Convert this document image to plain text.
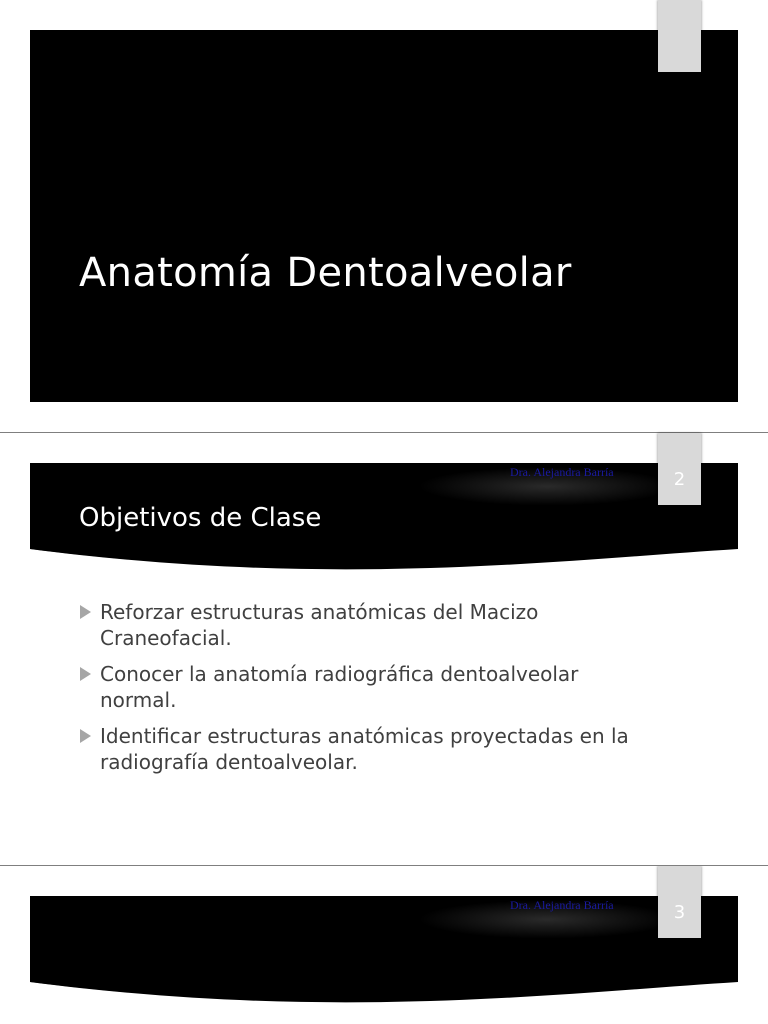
Anatomía Dentoalveolar
Dra. Alejandra Barría	2
Objetivos de Clase
Reforzar estructuras anatómicas del Macizo Craneofacial.
Conocer la anatomía radiográfica dentoalveolar normal.
Identificar estructuras anatómicas proyectadas en la radiografía dentoalveolar.
Dra. Alejandra Barría	3
